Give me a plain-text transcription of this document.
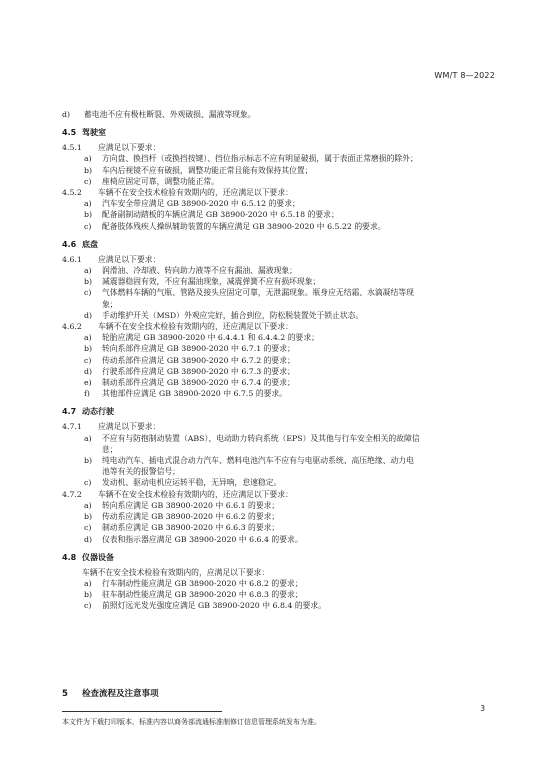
WM/T 8—2022
d)	蓄电池不应有极柱断裂、外观破损、漏液等现象。
4.5 驾驶室
4.5.1 应满足以下要求：
a)	方向盘、换挡杆（或换挡按键）、挡位指示标志不应有明显破损，属于表面正常磨损的除外；
b)	车内后视镜不应有破损，调整功能正常且能有效保持其位置；
c)	座椅应固定可靠，调整功能正常。
4.5.2 车辆不在安全技术检验有效期内的，还应满足以下要求：
a)	汽车安全带应满足 GB 38900-2020 中 6.5.12 的要求；
b)	配备副制动踏板的车辆应满足 GB 38900-2020 中 6.5.18 的要求；
c)	配备肢体残疾人操纵辅助装置的车辆应满足 GB 38900-2020 中 6.5.22 的要求。
4.6 底盘
4.6.1 应满足以下要求：
a)	润滑油、冷却液、转向助力液等不应有漏油、漏液现象；
b)	减震器稳固有效，不应有漏油现象，减震弹簧不应有损坏现象；
c)	气体燃料车辆的气瓶、管路及接头应固定可靠，无泄漏现象。瓶身应无结霜、水滴凝结等现
象；
d)	手动维护开关（MSD）外观应完好，插合到位，防松脱装置处于锁止状态。
4.6.2 车辆不在安全技术检验有效期内的，还应满足以下要求：
a)	轮胎应满足 GB 38900-2020 中 6.4.4.1 和 6.4.4.2 的要求；
b)	转向系部件应满足 GB 38900-2020 中 6.7.1 的要求；
c)	传动系部件应满足 GB 38900-2020 中 6.7.2 的要求；
d)	行驶系部件应满足 GB 38900-2020 中 6.7.3 的要求；
e)	制动系部件应满足 GB 38900-2020 中 6.7.4 的要求；
f)	其他部件应满足 GB 38900-2020 中 6.7.5 的要求。
4.7 动态行驶
4.7.1 应满足以下要求：
a)	不应有与防抱制动装置（ABS）、电动助力转向系统（EPS）及其他与行车安全相关的故障信
息；
b)	纯电动汽车、插电式混合动力汽车、燃料电池汽车不应有与电驱动系统、高压绝缘、动力电
池等有关的报警信号；
c)	发动机、驱动电机应运转平稳，无异响，怠速稳定。
4.7.2 车辆不在安全技术检验有效期内的，还应满足以下要求：
a)	转向系应满足 GB 38900-2020 中 6.6.1 的要求；
b)	传动系应满足 GB 38900-2020 中 6.6.2 的要求；
c)	制动系应满足 GB 38900-2020 中 6.6.3 的要求；
d)	仪表和指示器应满足 GB 38900-2020 中 6.6.4 的要求。
4.8 仪器设备
车辆不在安全技术检验有效期内的，应满足以下要求：
a)	行车制动性能应满足 GB 38900-2020 中 6.8.2 的要求；
b)	驻车制动性能应满足 GB 38900-2020 中 6.8.3 的要求；
c)	前照灯远光发光强度应满足 GB 38900-2020 中 6.8.4 的要求。
5 检查流程及注意事项
3
本文件为下载打印版本，标准内容以商务部流通标准制修订信息管理系统发布为准。
